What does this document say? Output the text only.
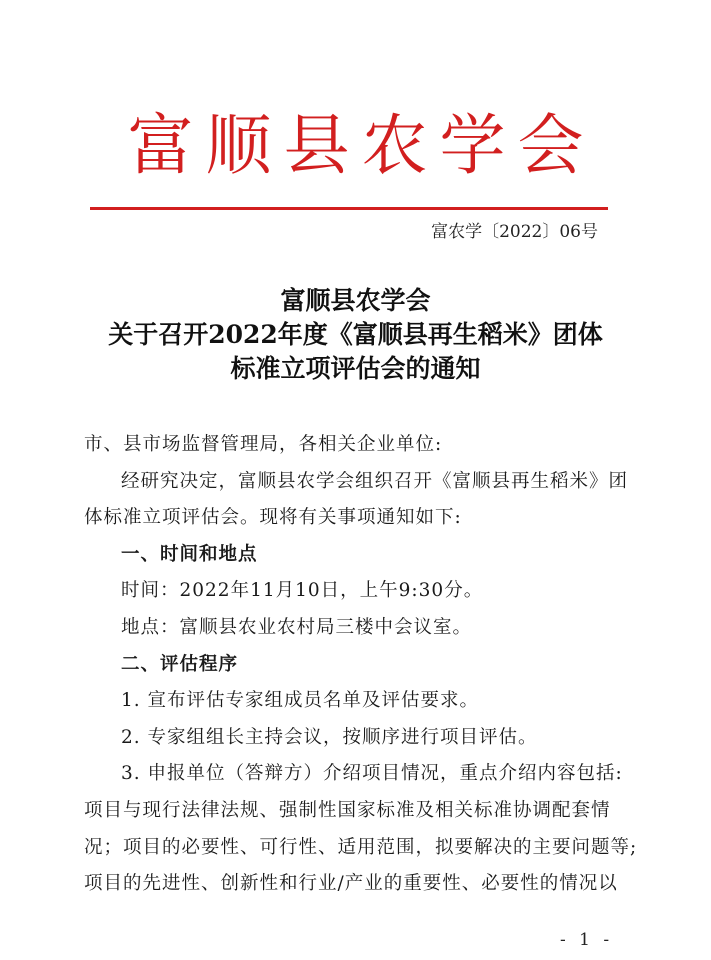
富顺县农学会
富农学〔2022〕06号
富顺县农学会
关于召开2022年度《富顺县再生稻米》团体
标准立项评估会的通知

市、县市场监督管理局，各相关企业单位:

经研究决定，富顺县农学会组织召开《富顺县再生稻米》团

体标准立项评估会。现将有关事项通知如下:

一、时间和地点

时间：2022年11月10日，上午9:30分。

地点：富顺县农业农村局三楼中会议室。

二、评估程序

1. 宣布评估专家组成员名单及评估要求。

2. 专家组组长主持会议，按顺序进行项目评估。

3. 申报单位（答辩方）介绍项目情况，重点介绍内容包括:

项目与现行法律法规、强制性国家标准及相关标准协调配套情

况；项目的必要性、可行性、适用范围，拟要解决的主要问题等;

项目的先进性、创新性和行业/产业的重要性、必要性的情况以

- 1 -
